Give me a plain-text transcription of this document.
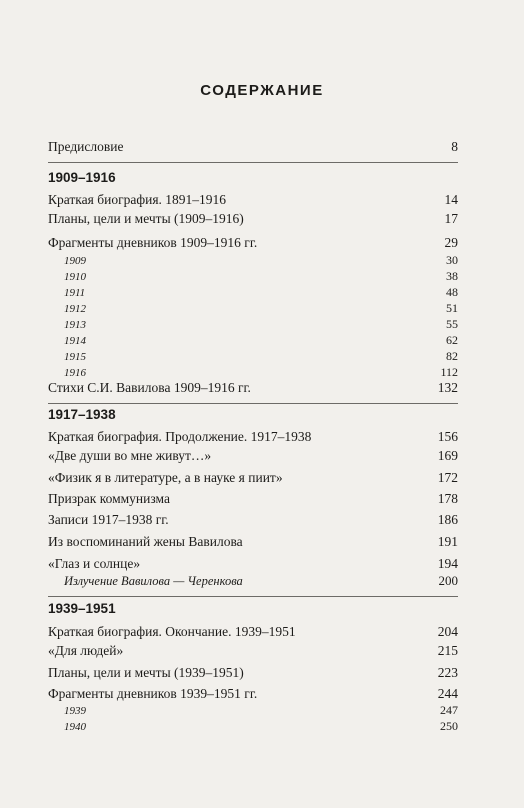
СОДЕРЖАНИЕ
Предисловие	8
1909–1916
Краткая биография. 1891–1916	14
Планы, цели и мечты (1909–1916)	17
Фрагменты дневников 1909–1916 гг.	29
1909	30
1910	38
1911	48
1912	51
1913	55
1914	62
1915	82
1916	112
Стихи С.И. Вавилова 1909–1916 гг.	132
1917–1938
Краткая биография. Продолжение. 1917–1938	156
«Две души во мне живут…»	169
«Физик я в литературе, а в науке я пиит»	172
Призрак коммунизма	178
Записи 1917–1938 гг.	186
Из воспоминаний жены Вавилова	191
«Глаз и солнце»	194
Излучение Вавилова — Черенкова	200
1939–1951
Краткая биография. Окончание. 1939–1951	204
«Для людей»	215
Планы, цели и мечты (1939–1951)	223
Фрагменты дневников 1939–1951 гг.	244
1939	247
1940	250
